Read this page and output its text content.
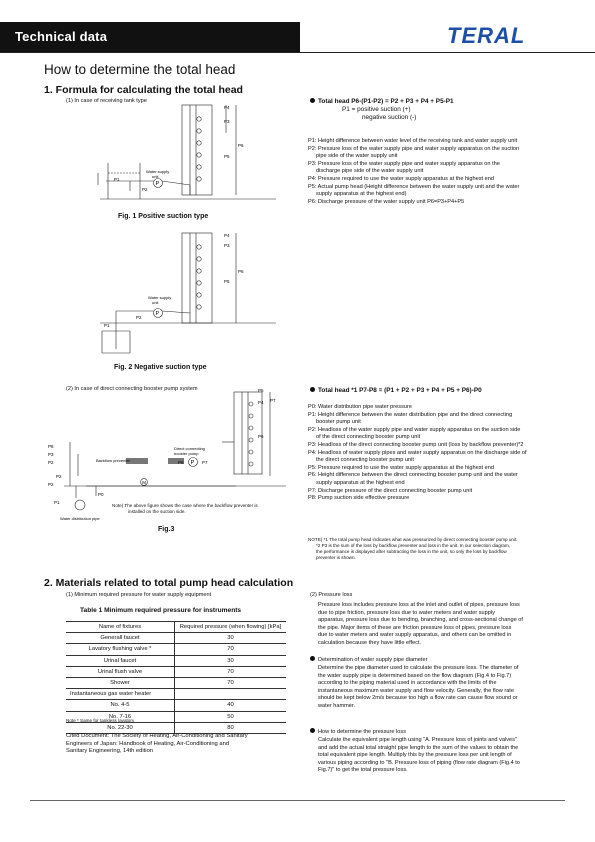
Technical data	TERAL
How to determine the total head
1. Formula for calculating the total head
(1) In case of receiving tank type
P
P4
P3
P6
P5
P1
P2
Water supply
unit
Fig. 1 Positive suction type
P
P4
P3
P6
P5
P1
P2
Water supply
unit
Fig. 2 Negative suction type
Total head P6-(P1-P2) = P2 + P3 + P4 + P5-P1
P1 = positive suction (+)
negative suction (-)
P1: Height difference between water level of the receiving tank and water supply unit
P2: Pressure loss of the water supply pipe and water supply apparatus on the suction
pipe side of the water supply unit
P3: Pressure loss of the water supply pipe and water supply apparatus on the
discharge pipe side of the water supply unit
P4: Pressure required to use the water supply apparatus at the highest end
P5: Actual pump head (Height difference between the water supply unit and the water
supply apparatus at the highest end)
P6: Discharge pressure of the water supply unit P6=P3+P4+P5
(2) In case of direct connecting booster pump system
P
M
P5
P4 P7
P6
P2
P1
P2
P8
P3
P2
P0
P8	P7
Backflow preventer
Direct connecting
booster pump
Water distribution pipe
Note) The above figure shows the case where the backflow preventer is
installed on the suction side.
Fig.3
Total head *1 P7-P8 = (P1 + P2 + P3 + P4 + P5 + P6)-P0
P0: Water distribution pipe water pressure
P1: Height difference between the water distribution pipe and the direct connecting
booster pump unit
P2: Headloss of the water supply pipe and water supply apparatus on the suction side
of the direct connecting booster pump unit
P3: Headloss of the direct connecting booster pump unit (loss by backflow preventer)*2
P4: Headloss of water supply pipes and water supply apparatus on the discharge side of
the direct connecting booster pump unit
P5: Pressure required to use the water supply apparatus at the highest end
P6: Height difference between the direct connecting booster pump unit and the water
supply apparatus at the highest end
P7: Discharge pressure of the direct connecting booster pump unit
P8: Pump suction side effective pressure
NOTE) *1 The total pump head indicates what was pressurized by direct connecting booster pump unit.
*2 P3 is the sum of the loss by backflow preventer and loss in the unit. In our selection diagram,
the performance is displayed after subtracting the loss in the unit, so only the loss by backflow
preventer is shown.
2. Materials related to total pump head calculation
(1) Minimum required pressure for water supply equipment
Table 1 Minimum required pressure for instruments
Name of fixtures	Required pressure (when flowing) [kPa]
Generall faucet	30
Lavatory flushing valve *	70
Urinal faucet	30
Urinal flush valve	70
Shower	70
Instantaneous gas water heater	
No. 4-5	40
No. 7-16	50
No. 22-30	80
Note * Same for tankless lavatory
Cited Document: The Society of Heating, Air-Conditioning and Sanitary
Engineers of Japan: Handbook of Heating, Air-Conditioning and
Sanitary Engineering, 14th edition
(2) Pressure loss
Pressure loss includes pressure loss at the inlet and outlet of pipes, pressure loss
due to pipe friction, pressure loss due to water meters and water supply
apparatus, pressure loss due to bending, branching, and cross-sectional change of
the pipe. Major items of these are friction pressure loss of pipes, pressure loss
due to water meters and water supply apparatus, and others can be omitted in
calculation because they have little effect.
Determination of water supply pipe diameter
Determine the pipe diameter used to calculate the pressure loss. The diameter of
the water supply pipe is determined based on the flow diagram (Fig.4 to Fig.7)
according to the piping material used in accordance with the limits of the
instantaneous maximum water supply and flow velocity. Generally, the flow rate
should be kept below 2m/s because too high a flow rate can cause flow sound or
water hammer.
How to determine the pressure loss
Calculate the equivalent pipe length using "A. Pressure loss of joints and valves"
and add the actual total straight pipe length to the sum of the values to obtain the
total equivalent pipe length. Multiply this by the pressure loss per unit length of
various piping according to "B. Pressure loss of piping (flow rate diagram (Fig.4 to
Fig.7)" to get the total pressure loss.
